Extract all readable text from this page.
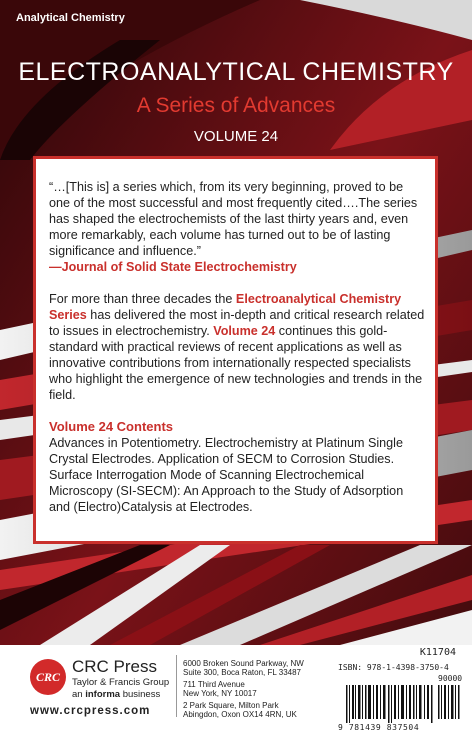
Analytical Chemistry
ELECTROANALYTICAL CHEMISTRY
A Series of Advances
VOLUME 24

“…[This is] a series which, from its very beginning, proved to be one of the most successful and most frequently cited….The series has shaped the electrochemists of the last thirty years and, even more remarkably, each volume has turned out to be of lasting significance and influence.”

—Journal of Solid State Electrochemistry

For more than three decades the Electroanalytical Chemistry Series has delivered the most in-depth and critical research related to issues in electrochemistry. Volume 24 continues this gold-standard with practical reviews of recent applications as well as innovative contributions from internationally respected specialists who highlight the emergence of new technologies and trends in the field.

Volume 24 Contents

Advances in Potentiometry. Electrochemistry at Platinum Single Crystal Electrodes. Application of SECM to Corrosion Studies. Surface Interrogation Mode of Scanning Electrochemical Microscopy (SI-SECM): An Approach to the Study of Adsorption and (Electro)Catalysis at Electrodes.

CRC
CRC Press
Taylor & Francis Group
an informa business
www.crcpress.com
6000 Broken Sound Parkway, NW
Suite 300, Boca Raton, FL 33487
711 Third Avenue
New York, NY 10017
2 Park Square, Milton Park
Abingdon, Oxon OX14 4RN, UK
K11704
ISBN: 978-1-4398-3750-4
90000
9 781439 837504
